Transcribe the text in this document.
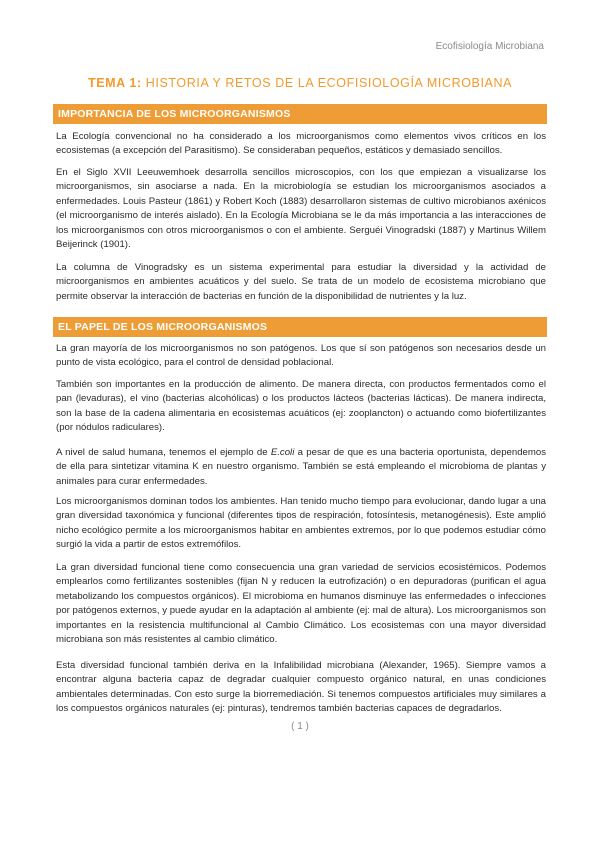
Ecofisiología Microbiana
TEMA 1: HISTORIA Y RETOS DE LA ECOFISIOLOGÍA MICROBIANA
IMPORTANCIA DE LOS MICROORGANISMOS

La Ecología convencional no ha considerado a los microorganismos como elementos vivos críticos en los ecosistemas (a excepción del Parasitismo). Se consideraban pequeños, estáticos y demasiado sencillos.

En el Siglo XVII Leeuwemhoek desarrolla sencillos microscopios, con los que empiezan a visualizarse los microorganismos, sin asociarse a nada. En la microbiología se estudian los microorganismos asociados a enfermedades. Louis Pasteur (1861) y Robert Koch (1883) desarrollaron sistemas de cultivo microbianos axénicos (el microorganismo de interés aislado). En la Ecología Microbiana se le da más importancia a las interacciones de los microorganismos con otros microorganismos o con el ambiente. Serguéi Vinogradski (1887) y Martinus Willem Beijerinck (1901).

La columna de Vinogradsky es un sistema experimental para estudiar la diversidad y la actividad de microorganismos en ambientes acuáticos y del suelo. Se trata de un modelo de ecosistema microbiano que permite observar la interacción de bacterias en función de la disponibilidad de nutrientes y la luz.

EL PAPEL DE LOS MICROORGANISMOS

La gran mayoría de los microorganismos no son patógenos. Los que sí son patógenos son necesarios desde un punto de vista ecológico, para el control de densidad poblacional.

También son importantes en la producción de alimento. De manera directa, con productos fermentados como el pan (levaduras), el vino (bacterias alcohólicas) o los productos lácteos (bacterias lácticas). De manera indirecta, son la base de la cadena alimentaria en ecosistemas acuáticos (ej: zooplancton) o actuando como biofertilizantes (por nódulos radiculares).

A nivel de salud humana, tenemos el ejemplo de E.coli a pesar de que es una bacteria oportunista, dependemos de ella para sintetizar vitamina K en nuestro organismo. También se está empleando el microbioma de plantas y animales para curar enfermedades.

Los microorganismos dominan todos los ambientes. Han tenido mucho tiempo para evolucionar, dando lugar a una gran diversidad taxonómica y funcional (diferentes tipos de respiración, fotosíntesis, metanogénesis). Este amplió nicho ecológico permite a los microorganismos habitar en ambientes extremos, por lo que podemos estudiar cómo surgió la vida a partir de estos extremófilos.

La gran diversidad funcional tiene como consecuencia una gran variedad de servicios ecosistémicos. Podemos emplearlos como fertilizantes sostenibles (fijan N y reducen la eutrofización) o en depuradoras (purifican el agua metabolizando los compuestos orgánicos). El microbioma en humanos disminuye las enfermedades o infecciones por patógenos externos, y puede ayudar en la adaptación al ambiente (ej: mal de altura). Los microorganismos son importantes en la resistencia multifuncional al Cambio Climático. Los ecosistemas con una mayor diversidad microbiana son más resistentes al cambio climático.

Esta diversidad funcional también deriva en la Infalibilidad microbiana (Alexander, 1965). Siempre vamos a encontrar alguna bacteria capaz de degradar cualquier compuesto orgánico natural, en unas condiciones ambientales determinadas. Con esto surge la biorremediación. Si tenemos compuestos artificiales muy similares a los compuestos orgánicos naturales (ej: pinturas), tendremos también bacterias capaces de degradarlos.

( 1 )
